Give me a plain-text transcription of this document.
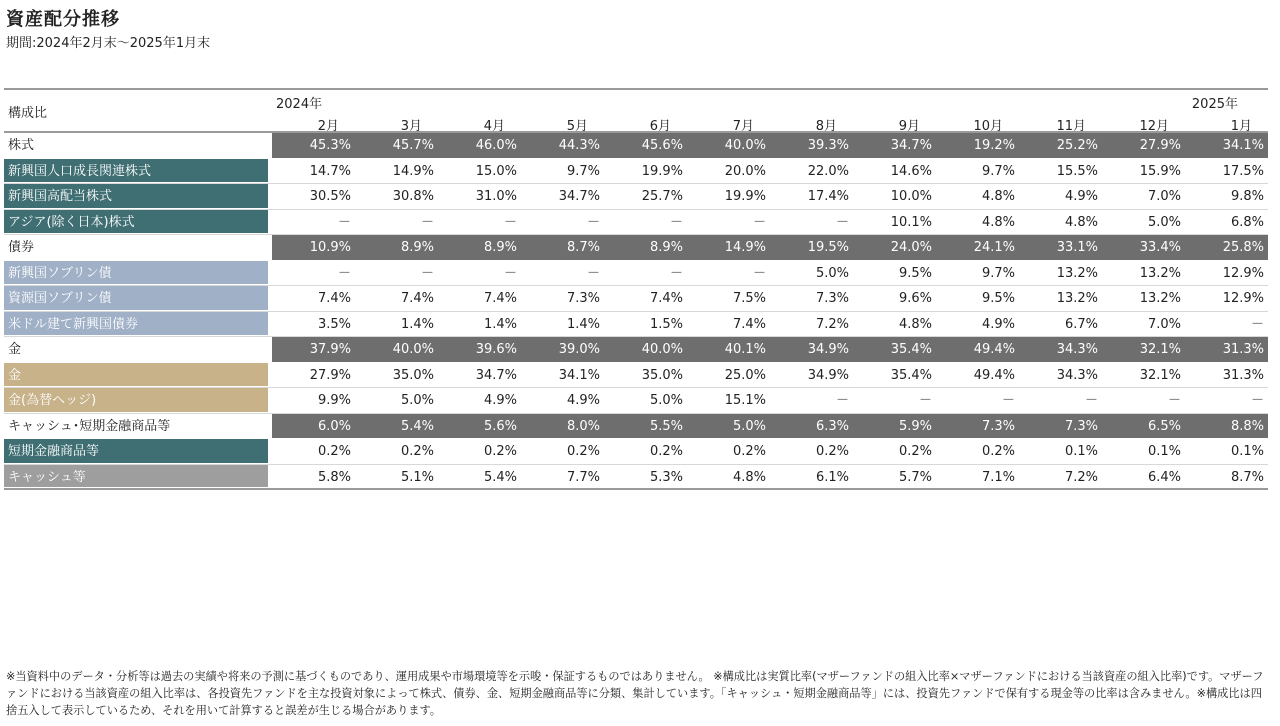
資産配分推移
期間:2024年2月末～2025年1月末
構成比
2024年	2025年
2月	3月	4月	5月	6月	7月	8月	9月	10月	11月	12月	1月
株式	45.3%	45.7%	46.0%	44.3%	45.6%	40.0%	39.3%	34.7%	19.2%	25.2%	27.9%	34.1%
新興国人口成長関連株式	14.7%	14.9%	15.0%	9.7%	19.9%	20.0%	22.0%	14.6%	9.7%	15.5%	15.9%	17.5%
新興国高配当株式	30.5%	30.8%	31.0%	34.7%	25.7%	19.9%	17.4%	10.0%	4.8%	4.9%	7.0%	9.8%
アジア(除く日本)株式	－	－	－	－	－	－	－	10.1%	4.8%	4.8%	5.0%	6.8%
債券	10.9%	8.9%	8.9%	8.7%	8.9%	14.9%	19.5%	24.0%	24.1%	33.1%	33.4%	25.8%
新興国ソブリン債	－	－	－	－	－	－	5.0%	9.5%	9.7%	13.2%	13.2%	12.9%
資源国ソブリン債	7.4%	7.4%	7.4%	7.3%	7.4%	7.5%	7.3%	9.6%	9.5%	13.2%	13.2%	12.9%
米ドル建て新興国債券	3.5%	1.4%	1.4%	1.4%	1.5%	7.4%	7.2%	4.8%	4.9%	6.7%	7.0%	－
金	37.9%	40.0%	39.6%	39.0%	40.0%	40.1%	34.9%	35.4%	49.4%	34.3%	32.1%	31.3%
金	27.9%	35.0%	34.7%	34.1%	35.0%	25.0%	34.9%	35.4%	49.4%	34.3%	32.1%	31.3%
金(為替ヘッジ)	9.9%	5.0%	4.9%	4.9%	5.0%	15.1%	－	－	－	－	－	－
キャッシュ･短期金融商品等	6.0%	5.4%	5.6%	8.0%	5.5%	5.0%	6.3%	5.9%	7.3%	7.3%	6.5%	8.8%
短期金融商品等	0.2%	0.2%	0.2%	0.2%	0.2%	0.2%	0.2%	0.2%	0.2%	0.1%	0.1%	0.1%
キャッシュ等	5.8%	5.1%	5.4%	7.7%	5.3%	4.8%	6.1%	5.7%	7.1%	7.2%	6.4%	8.7%
※当資料中のデータ・分析等は過去の実績や将来の予測に基づくものであり、運用成果や市場環境等を示唆・保証するものではありません。 ※構成比は実質比率(マザーファンドの組入比率×マザーファンドにおける当該資産の組入比率)です。マザーファンドにおける当該資産の組入比率は、各投資先ファンドを主な投資対象によって株式、債券、金、短期金融商品等に分類、集計しています。「キャッシュ・短期金融商品等」には、投資先ファンドで保有する現金等の比率は含みません。※構成比は四捨五入して表示しているため、それを用いて計算すると誤差が生じる場合があります。
